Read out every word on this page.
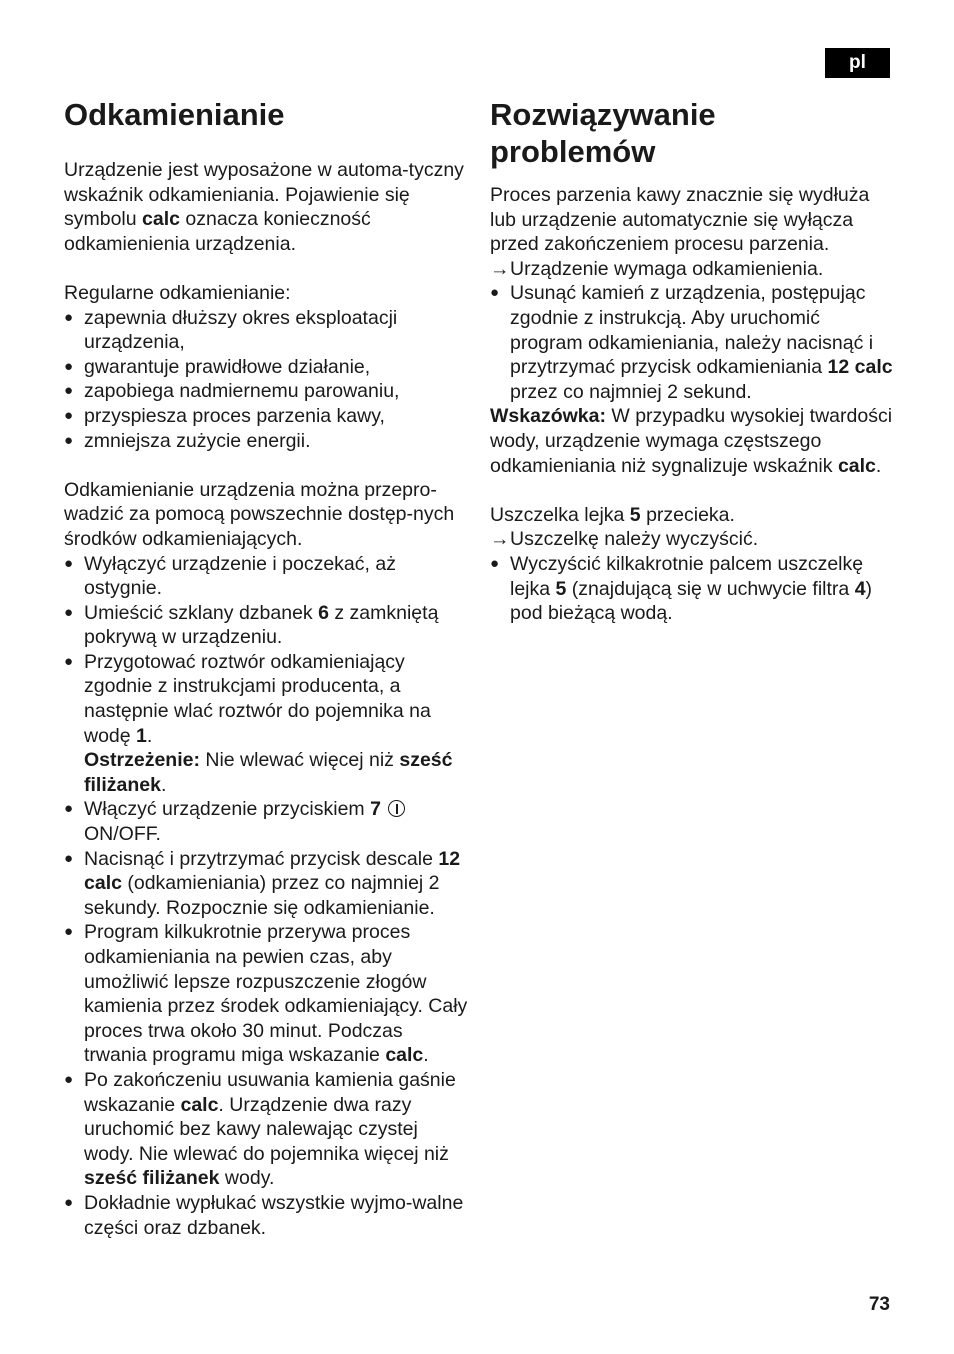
pl
Odkamienianie

Urządzenie jest wyposażone w automa-tyczny wskaźnik odkamieniania. Pojawienie się symbolu calc oznacza konieczność odkamienienia urządzenia.

Regularne odkamienianie:

● zapewnia dłuższy okres eksploatacji urządzenia,
● gwarantuje prawidłowe działanie,
● zapobiega nadmiernemu parowaniu,
● przyspiesza proces parzenia kawy,
● zmniejsza zużycie energii.

Odkamienianie urządzenia można przepro-wadzić za pomocą powszechnie dostęp-nych środków odkamieniających.

● Wyłączyć urządzenie i poczekać, aż ostygnie.
● Umieścić szklany dzbanek 6 z zamkniętą pokrywą w urządzeniu.
● Przygotować roztwór odkamieniający zgodnie z instrukcjami producenta, a następnie wlać roztwór do pojemnika na wodę 1.
Ostrzeżenie: Nie wlewać więcej niż sześć filiżanek.
● Włączyć urządzenie przyciskiem 7
ON/OFF.
● Nacisnąć i przytrzymać przycisk descale 12 calc (odkamieniania) przez co najmniej 2 sekundy. Rozpocznie się odkamienianie.
● Program kilkukrotnie przerywa proces odkamieniania na pewien czas, aby umożliwić lepsze rozpuszczenie złogów kamienia przez środek odkamieniający. Cały proces trwa około 30 minut. Podczas trwania programu miga wskazanie calc.
● Po zakończeniu usuwania kamienia gaśnie wskazanie calc. Urządzenie dwa razy uruchomić bez kawy nalewając czystej wody. Nie wlewać do pojemnika więcej niż sześć filiżanek wody.
● Dokładnie wypłukać wszystkie wyjmo-walne części oraz dzbanek.
Rozwiązywanie
problemów

Proces parzenia kawy znacznie się wydłuża lub urządzenie automatycznie się wyłącza przed zakończeniem procesu parzenia.

→ Urządzenie wymaga odkamienienia.
● Usunąć kamień z urządzenia, postępując zgodnie z instrukcją. Aby uruchomić program odkamieniania, należy nacisnąć i przytrzymać przycisk odkamieniania 12 calc przez co najmniej 2 sekund.

Wskazówka: W przypadku wysokiej twardości wody, urządzenie wymaga częstszego odkamieniania niż sygnalizuje wskaźnik calc.

Uszczelka lejka 5 przecieka.

→ Uszczelkę należy wyczyścić.
● Wyczyścić kilkakrotnie palcem uszczelkę lejka 5 (znajdującą się w uchwycie filtra 4) pod bieżącą wodą.
73
